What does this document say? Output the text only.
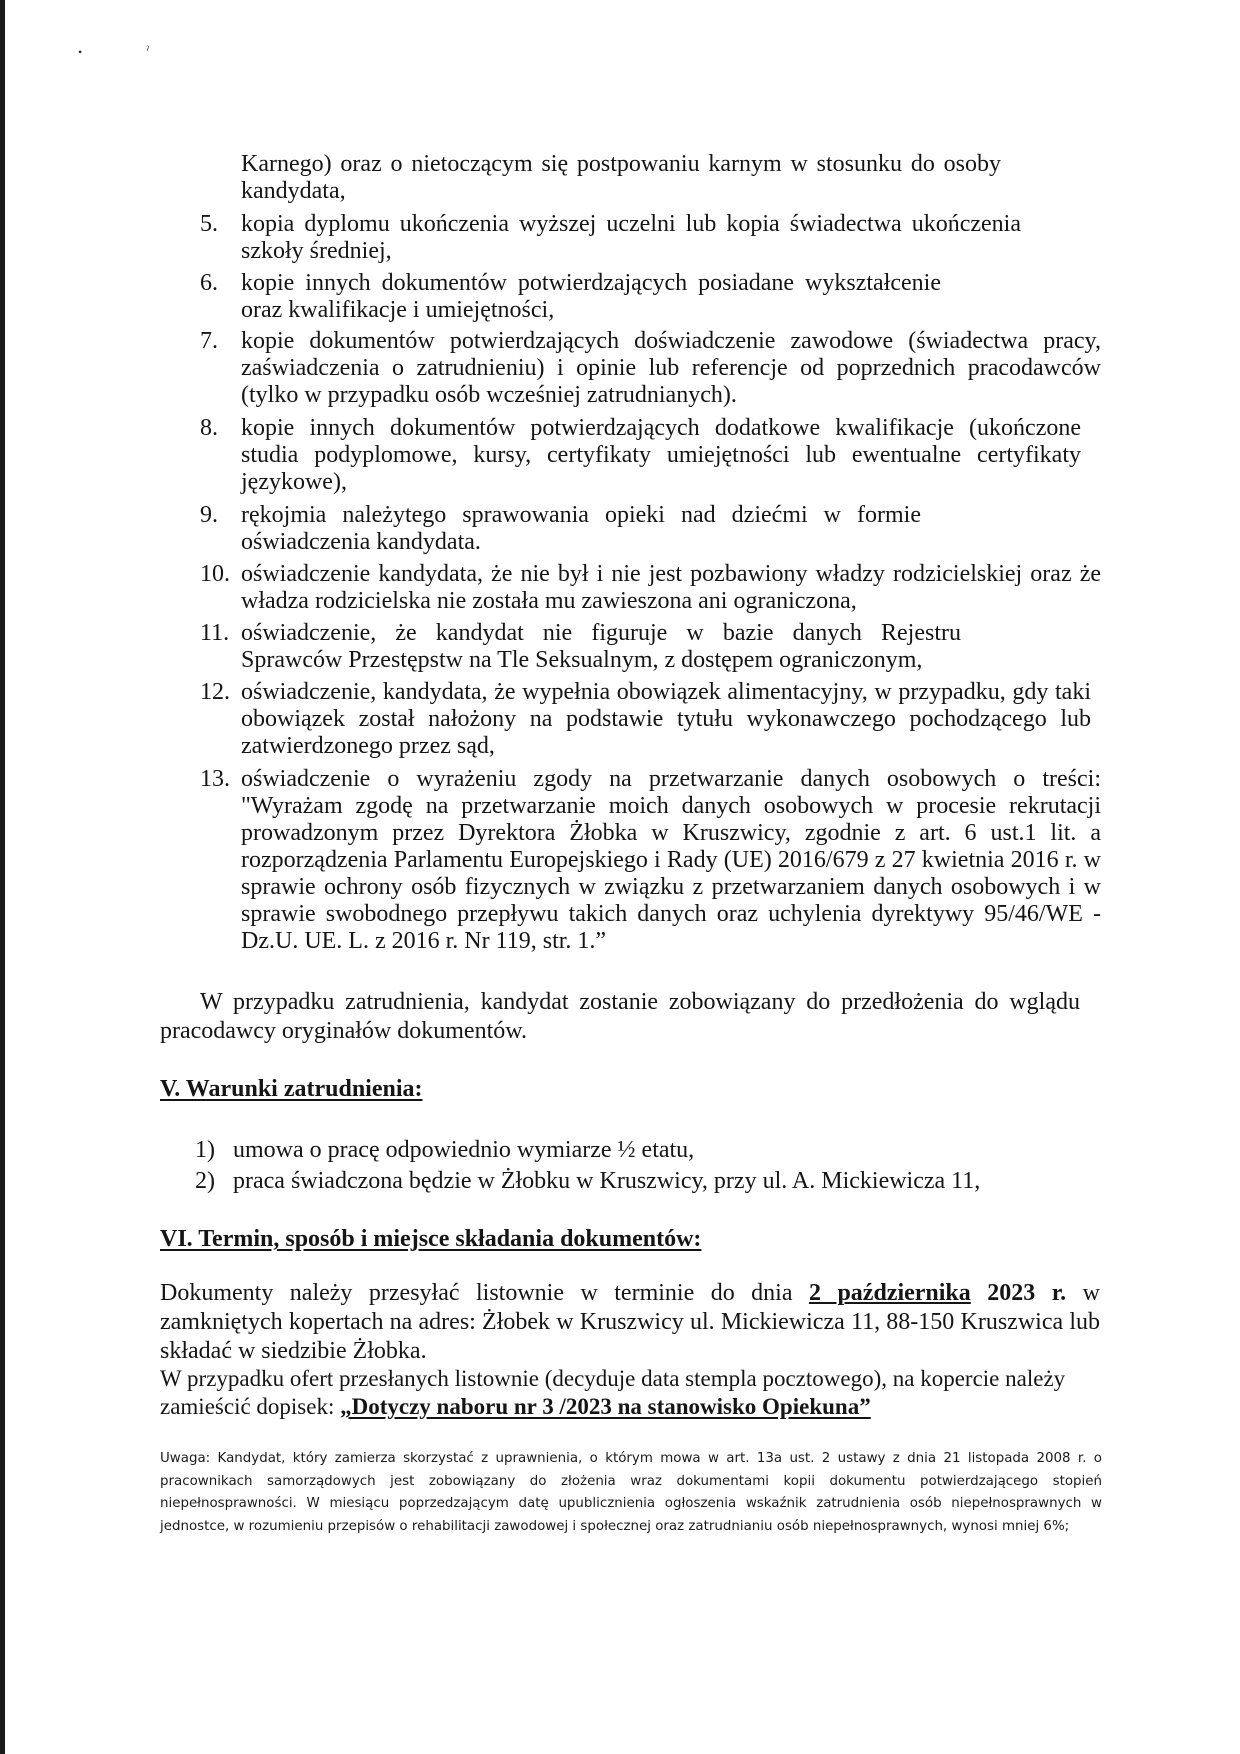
•	ˀ
Karnego) oraz o nietoczącym się postpowaniu karnym w stosunku do osoby kandydata,
5. kopia dyplomu ukończenia wyższej uczelni lub kopia świadectwa ukończenia szkoły średniej,
6. kopie innych dokumentów potwierdzających posiadane wykształcenie oraz kwalifikacje i umiejętności,
7. kopie dokumentów potwierdzających doświadczenie zawodowe (świadectwa pracy, zaświadczenia o zatrudnieniu) i opinie lub referencje od poprzednich pracodawców (tylko w przypadku osób wcześniej zatrudnianych).
8. kopie innych dokumentów potwierdzających dodatkowe kwalifikacje (ukończone studia podyplomowe, kursy, certyfikaty umiejętności lub ewentualne certyfikaty językowe),
9. rękojmia należytego sprawowania opieki nad dziećmi w formie oświadczenia kandydata.
10. oświadczenie kandydata, że nie był i nie jest pozbawiony władzy rodzicielskiej oraz że władza rodzicielska nie została mu zawieszona ani ograniczona,
11. oświadczenie, że kandydat nie figuruje w bazie danych Rejestru Sprawców Przestępstw na Tle Seksualnym, z dostępem ograniczonym,
12. oświadczenie, kandydata, że wypełnia obowiązek alimentacyjny, w przypadku, gdy taki obowiązek został nałożony na podstawie tytułu wykonawczego pochodzącego lub zatwierdzonego przez sąd,
13. oświadczenie o wyrażeniu zgody na przetwarzanie danych osobowych o treści: "Wyrażam zgodę na przetwarzanie moich danych osobowych w procesie rekrutacji prowadzonym przez Dyrektora Żłobka w Kruszwicy, zgodnie z art. 6 ust.1 lit. a rozporządzenia Parlamentu Europejskiego i Rady (UE) 2016/679 z 27 kwietnia 2016 r. w sprawie ochrony osób fizycznych w związku z przetwarzaniem danych osobowych i w sprawie swobodnego przepływu takich danych oraz uchylenia dyrektywy 95/46/WE - Dz.U. UE. L. z 2016 r. Nr 119, str. 1.”
W przypadku zatrudnienia, kandydat zostanie zobowiązany do przedłożenia do wglądu pracodawcy oryginałów dokumentów.
V. Warunki zatrudnienia:
1) umowa o pracę odpowiednio wymiarze ½ etatu,
2) praca świadczona będzie w Żłobku w Kruszwicy, przy ul. A. Mickiewicza 11,
VI. Termin, sposób i miejsce składania dokumentów:
Dokumenty należy przesyłać listownie w terminie do dnia 2 października 2023 r. w zamkniętych kopertach na adres: Żłobek w Kruszwicy ul. Mickiewicza 11, 88-150 Kruszwica lub składać w siedzibie Żłobka.
W przypadku ofert przesłanych listownie (decyduje data stempla pocztowego), na kopercie należy zamieścić dopisek: „Dotyczy naboru nr 3 /2023 na stanowisko Opiekuna”
Uwaga: Kandydat, który zamierza skorzystać z uprawnienia, o którym mowa w art. 13a ust. 2 ustawy z dnia 21 listopada 2008 r. o pracownikach samorządowych jest zobowiązany do złożenia wraz dokumentami kopii dokumentu potwierdzającego stopień niepełnosprawności. W miesiącu poprzedzającym datę upublicznienia ogłoszenia wskaźnik zatrudnienia osób niepełnosprawnych w jednostce, w rozumieniu przepisów o rehabilitacji zawodowej i społecznej oraz zatrudnianiu osób niepełnosprawnych, wynosi mniej 6%;
